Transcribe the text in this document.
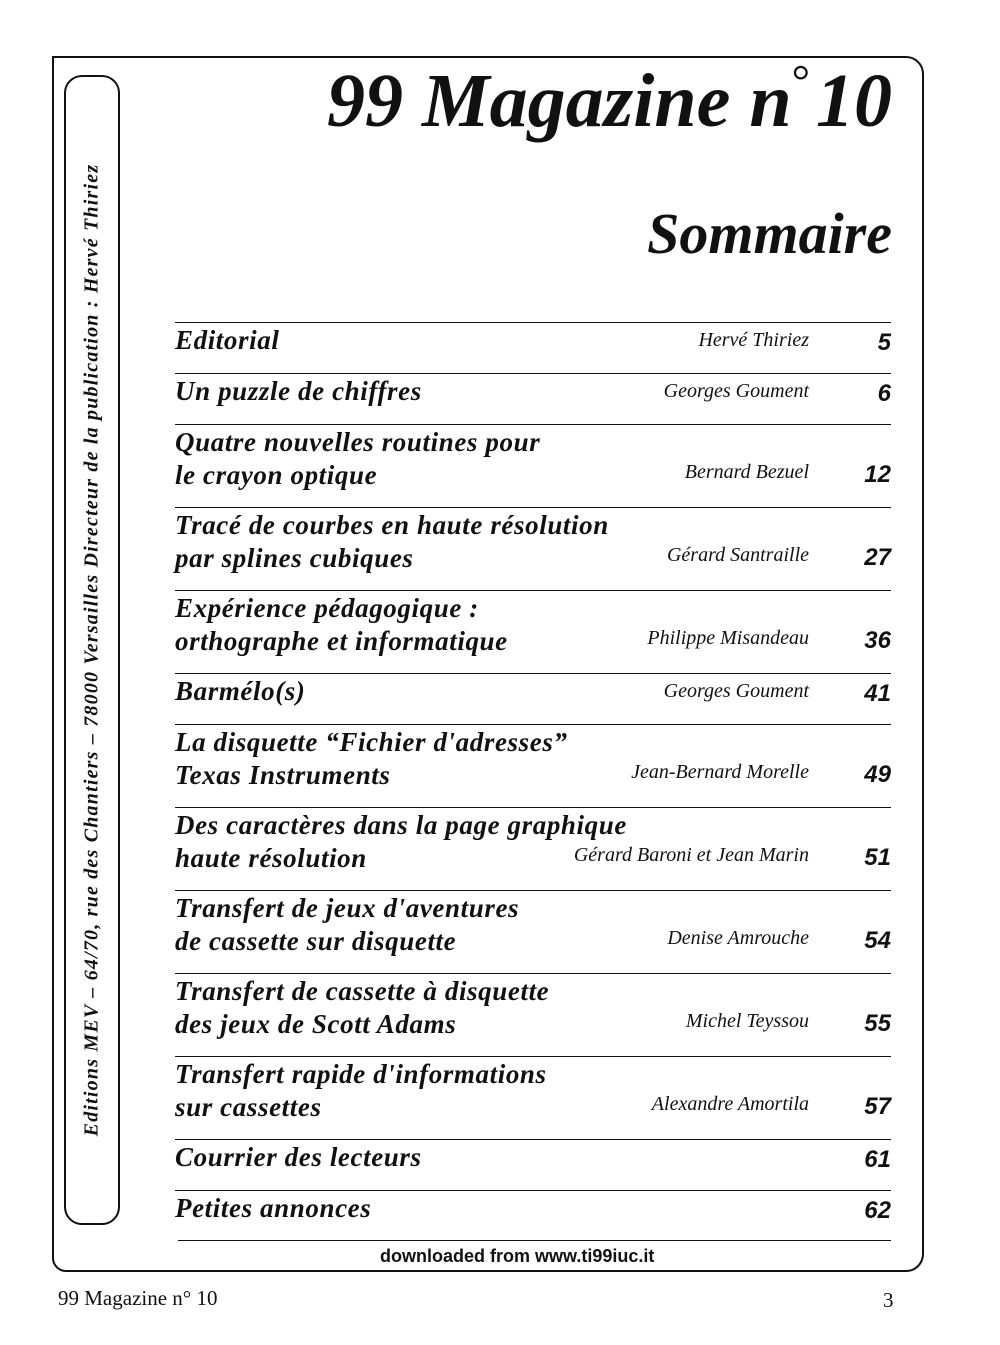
Editions MEV – 64/70, rue des Chantiers – 78000 Versailles Directeur de la publication : Hervé Thiriez
99 Magazine n°10
Sommaire
Editorial	Hervé Thiriez	5
Un puzzle de chiffres	Georges Goument	6
Quatre nouvelles routines pour
le crayon optique	Bernard Bezuel 12
Tracé de courbes en haute résolution
par splines cubiques	Gérard Santraille 27
Expérience pédagogique :
orthographe et informatique	Philippe Misandeau 36
Barmélo(s)	Georges Goument 41
La disquette “Fichier d'adresses”
Texas Instruments	Jean-Bernard Morelle 49
Des caractères dans la page graphique
haute résolution	Gérard Baroni et Jean Marin 51
Transfert de jeux d'aventures
de cassette sur disquette	Denise Amrouche 54
Transfert de cassette à disquette
des jeux de Scott Adams	Michel Teyssou 55
Transfert rapide d'informations
sur cassettes	Alexandre Amortila 57
Courrier des lecteurs	61
Petites annonces	62
downloaded from www.ti99iuc.it
99 Magazine n° 10	3
